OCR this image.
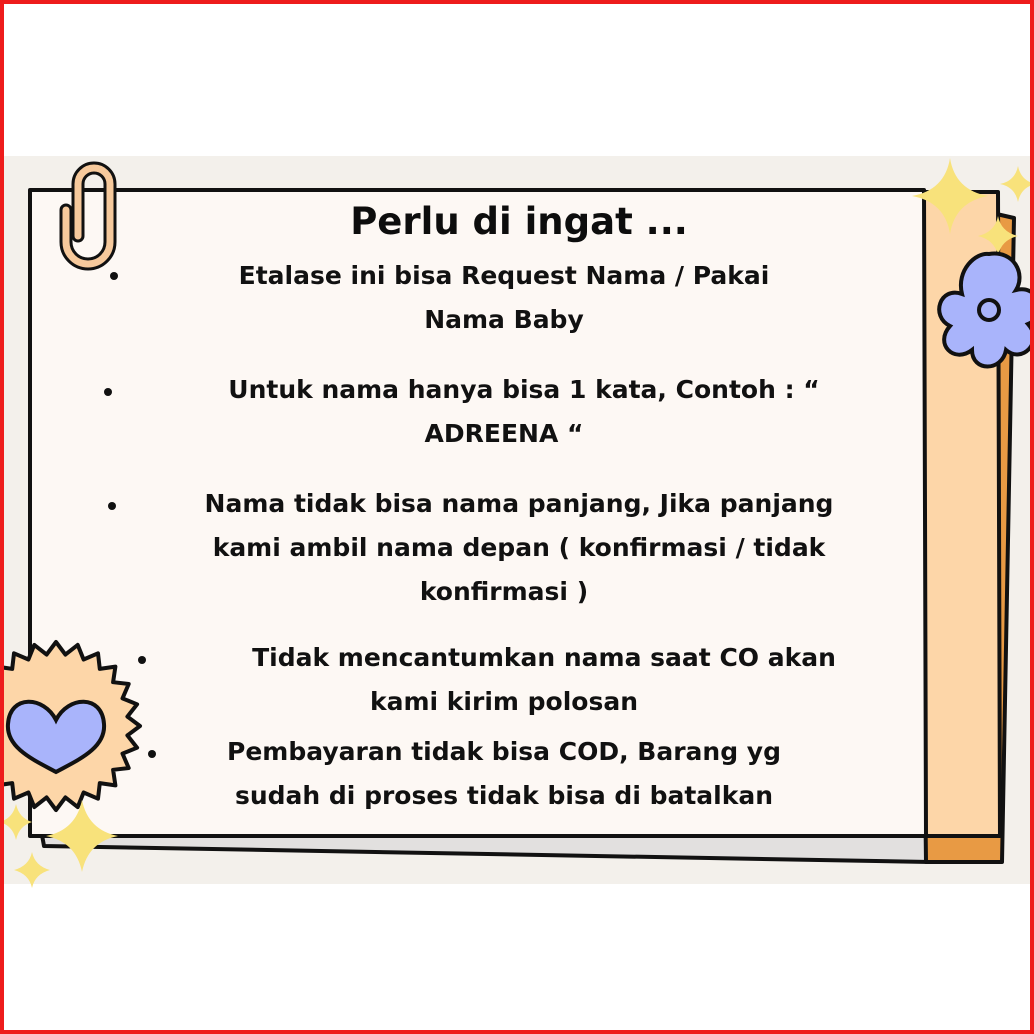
Perlu di ingat ...
Etalase ini bisa Request Nama / Pakai
Nama Baby
Untuk nama hanya bisa 1 kata, Contoh : “
ADREENA “
Nama tidak bisa nama panjang, Jika panjang
kami ambil nama depan ( konfirmasi / tidak
konfirmasi )
Tidak mencantumkan nama saat CO akan
kami kirim polosan
Pembayaran tidak bisa COD, Barang yg
sudah di proses tidak bisa di batalkan
